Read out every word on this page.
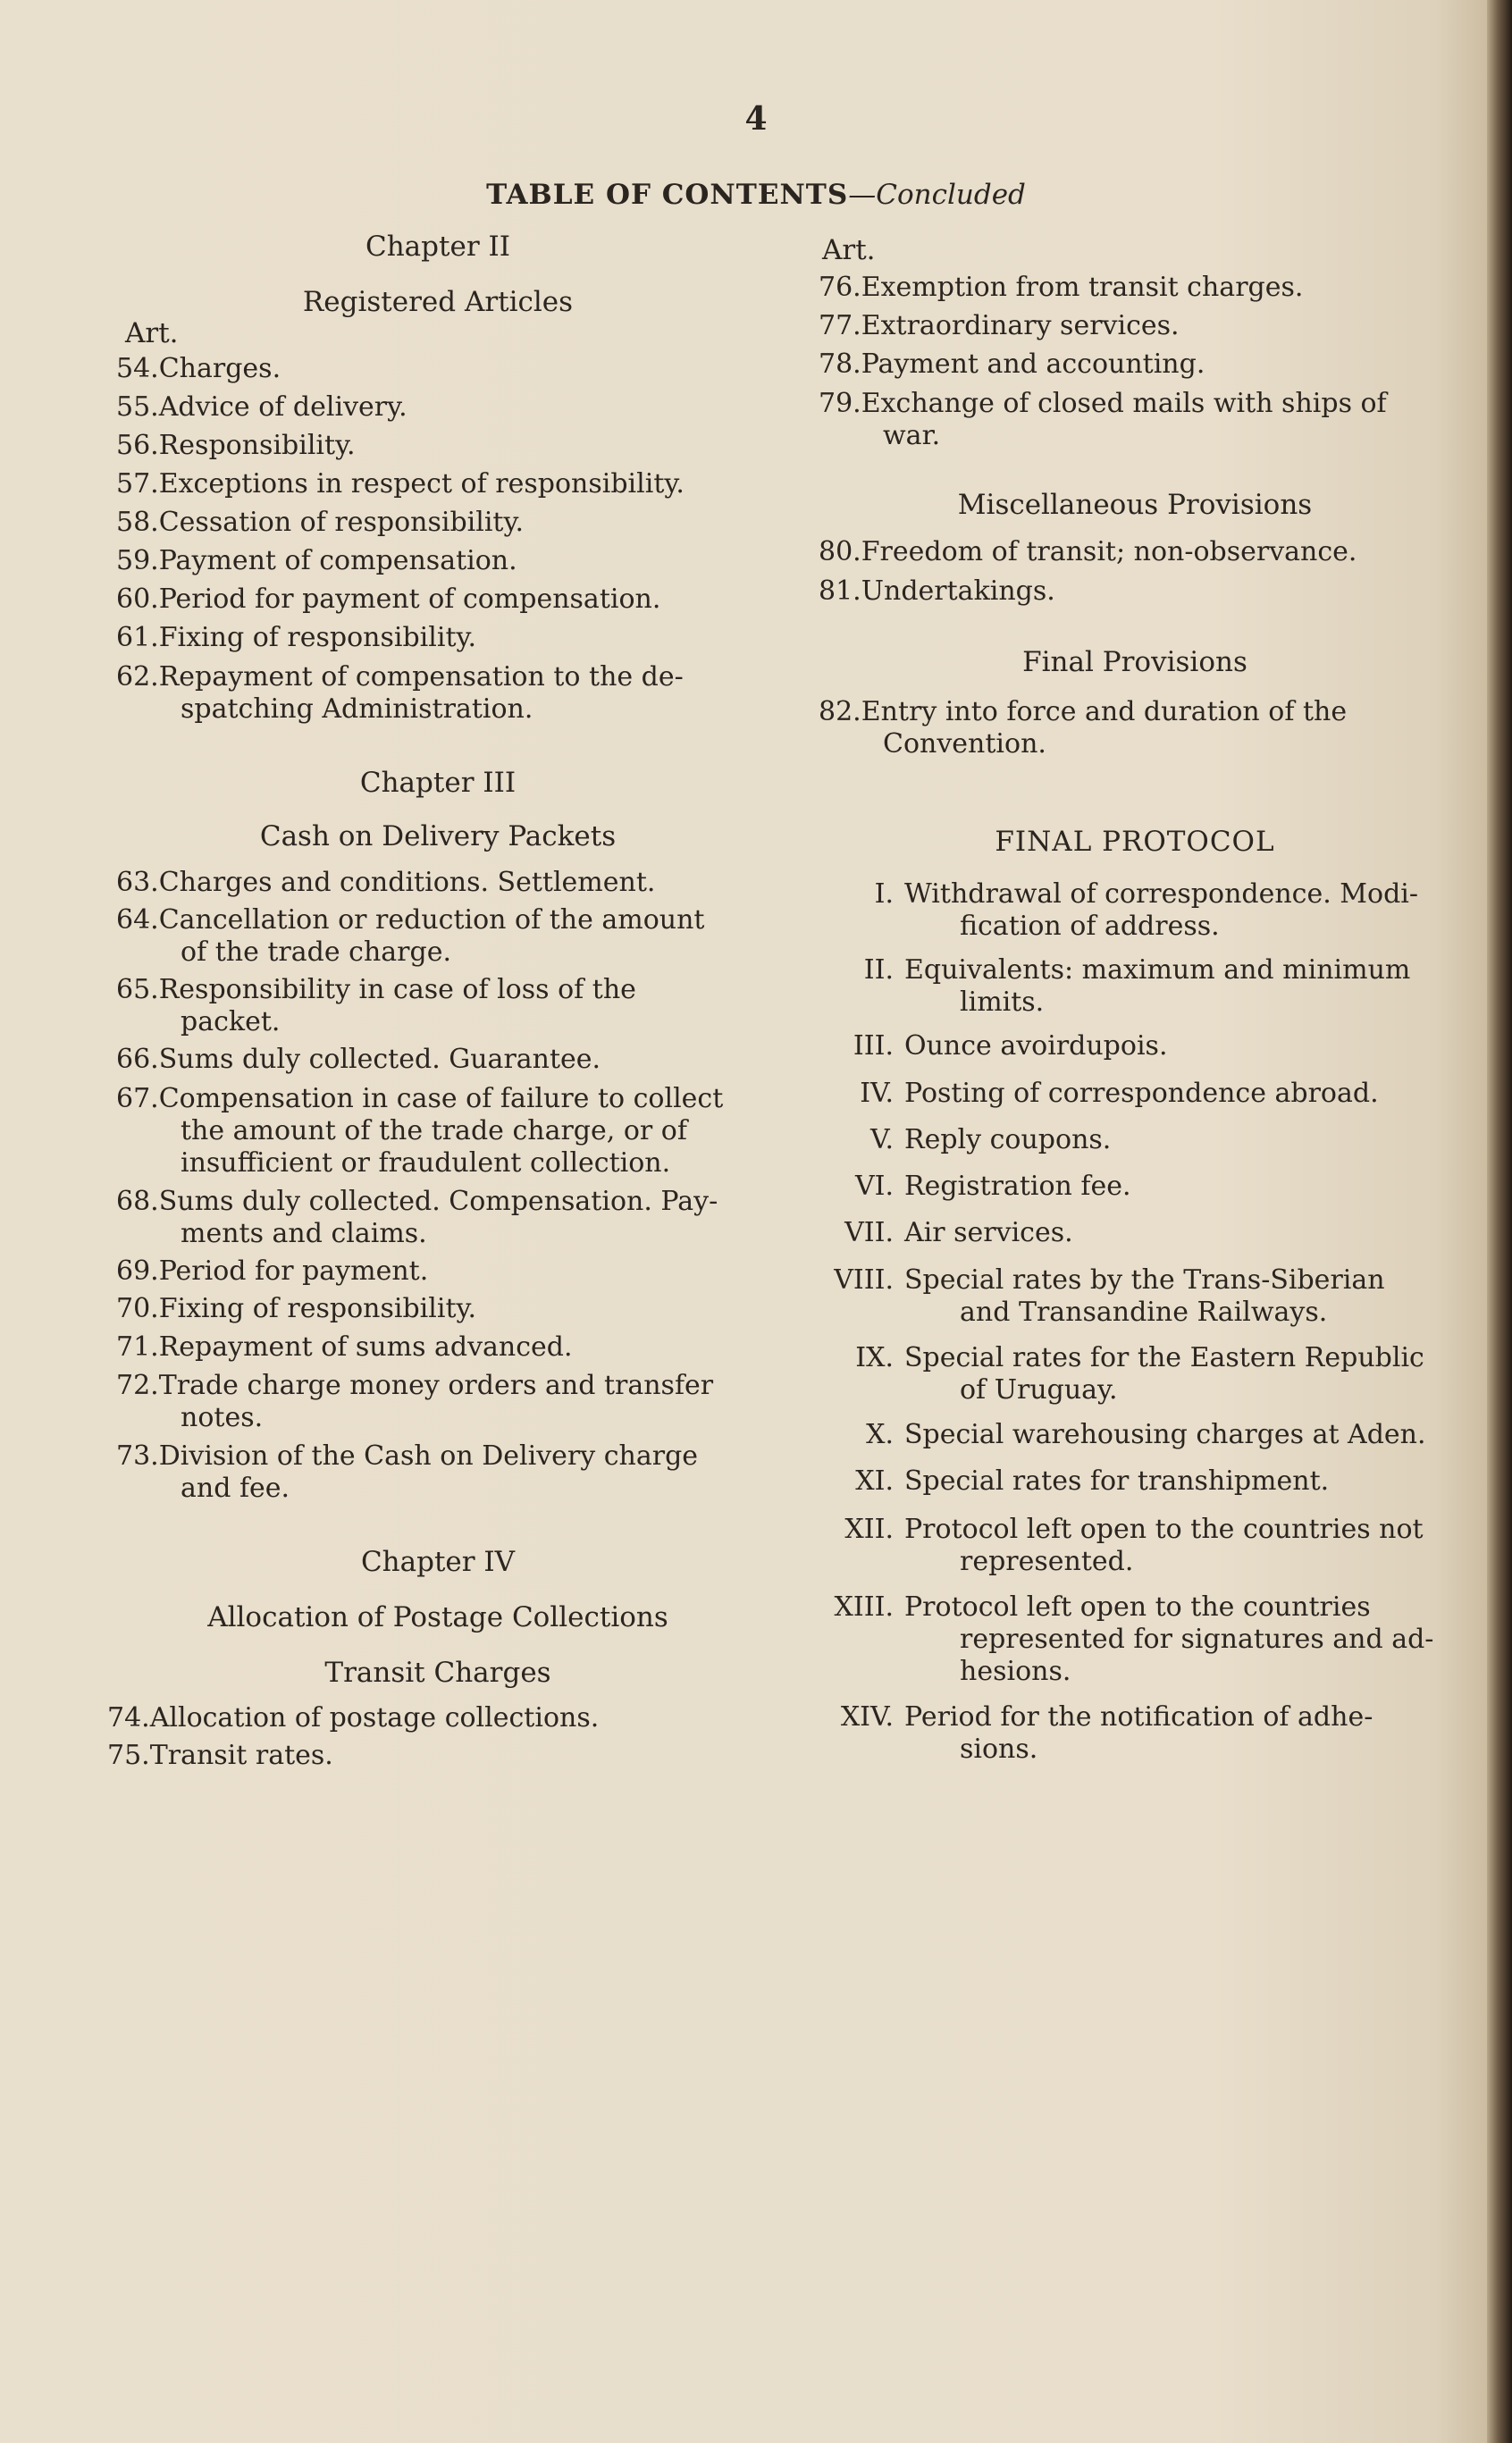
4
TABLE OF CONTENTS—Concluded
Chapter II
Registered Articles
Art.
54.Charges.
55.Advice of delivery.
56.Responsibility.
57.Exceptions in respect of responsibility.
58.Cessation of responsibility.
59.Payment of compensation.
60.Period for payment of compensation.
61.Fixing of responsibility.
62.Repayment of compensation to the de-
spatching Administration.
Chapter III
Cash on Delivery Packets
63.Charges and conditions. Settlement.
64.Cancellation or reduction of the amount
of the trade charge.
65.Responsibility in case of loss of the
packet.
66.Sums duly collected. Guarantee.
67.Compensation in case of failure to collect
the amount of the trade charge, or of
insufficient or fraudulent collection.
68.Sums duly collected. Compensation. Pay-
ments and claims.
69.Period for payment.
70.Fixing of responsibility.
71.Repayment of sums advanced.
72.Trade charge money orders and transfer
notes.
73.Division of the Cash on Delivery charge
and fee.
Chapter IV
Allocation of Postage Collections
Transit Charges
74.Allocation of postage collections.
75.Transit rates.
Art.
76.Exemption from transit charges.
77.Extraordinary services.
78.Payment and accounting.
79.Exchange of closed mails with ships of
war.
Miscellaneous Provisions
80.Freedom of transit; non-observance.
81.Undertakings.
Final Provisions
82.Entry into force and duration of the
Convention.
FINAL PROTOCOL
I. Withdrawal of correspondence. Modi-
fication of address.
II. Equivalents: maximum and minimum
limits.
III. Ounce avoirdupois.
IV. Posting of correspondence abroad.
V. Reply coupons.
VI. Registration fee.
VII. Air services.
VIII. Special rates by the Trans-Siberian
and Transandine Railways.
IX. Special rates for the Eastern Republic
of Uruguay.
X. Special warehousing charges at Aden.
XI. Special rates for transhipment.
XII. Protocol left open to the countries not
represented.
XIII. Protocol left open to the countries
represented for signatures and ad-
hesions.
XIV. Period for the notification of adhe-
sions.
